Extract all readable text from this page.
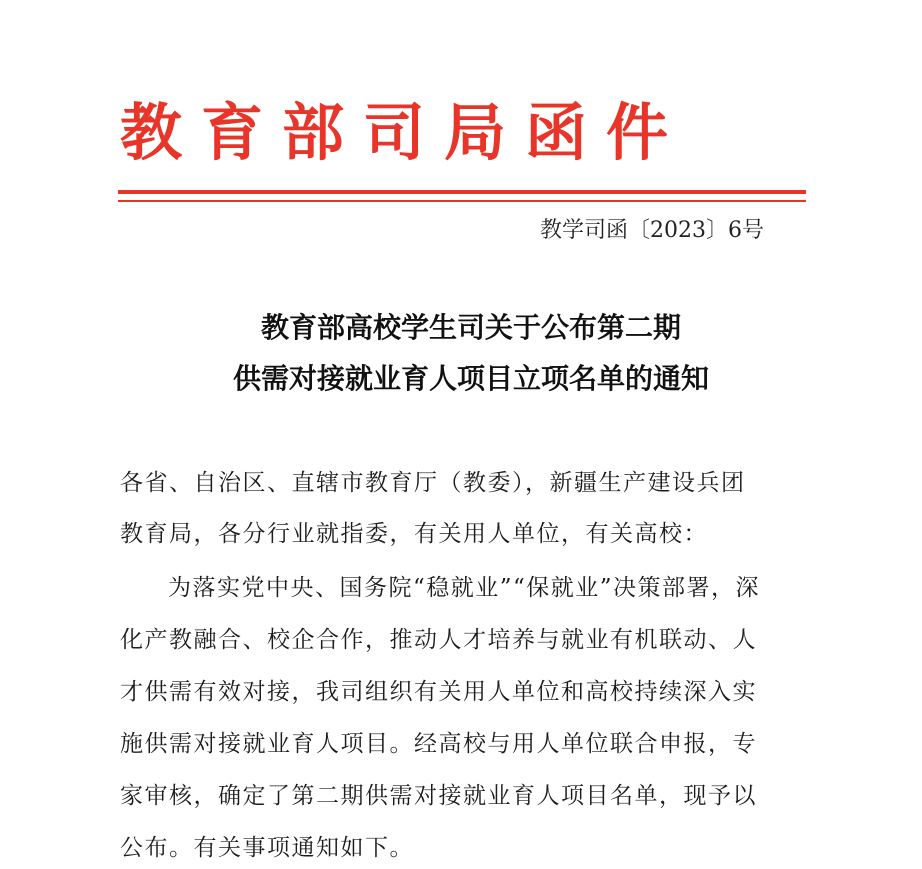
教育部司局函件
教学司函〔2023〕6号
教育部高校学生司关于公布第二期
供需对接就业育人项目立项名单的通知
各省、自治区、直辖市教育厅（教委），新疆生产建设兵团
教育局，各分行业就指委，有关用人单位，有关高校：
为落实党中央、国务院“稳就业”“保就业”决策部署，深
化产教融合、校企合作，推动人才培养与就业有机联动、人
才供需有效对接，我司组织有关用人单位和高校持续深入实
施供需对接就业育人项目。经高校与用人单位联合申报，专
家审核，确定了第二期供需对接就业育人项目名单，现予以
公布。有关事项通知如下。
